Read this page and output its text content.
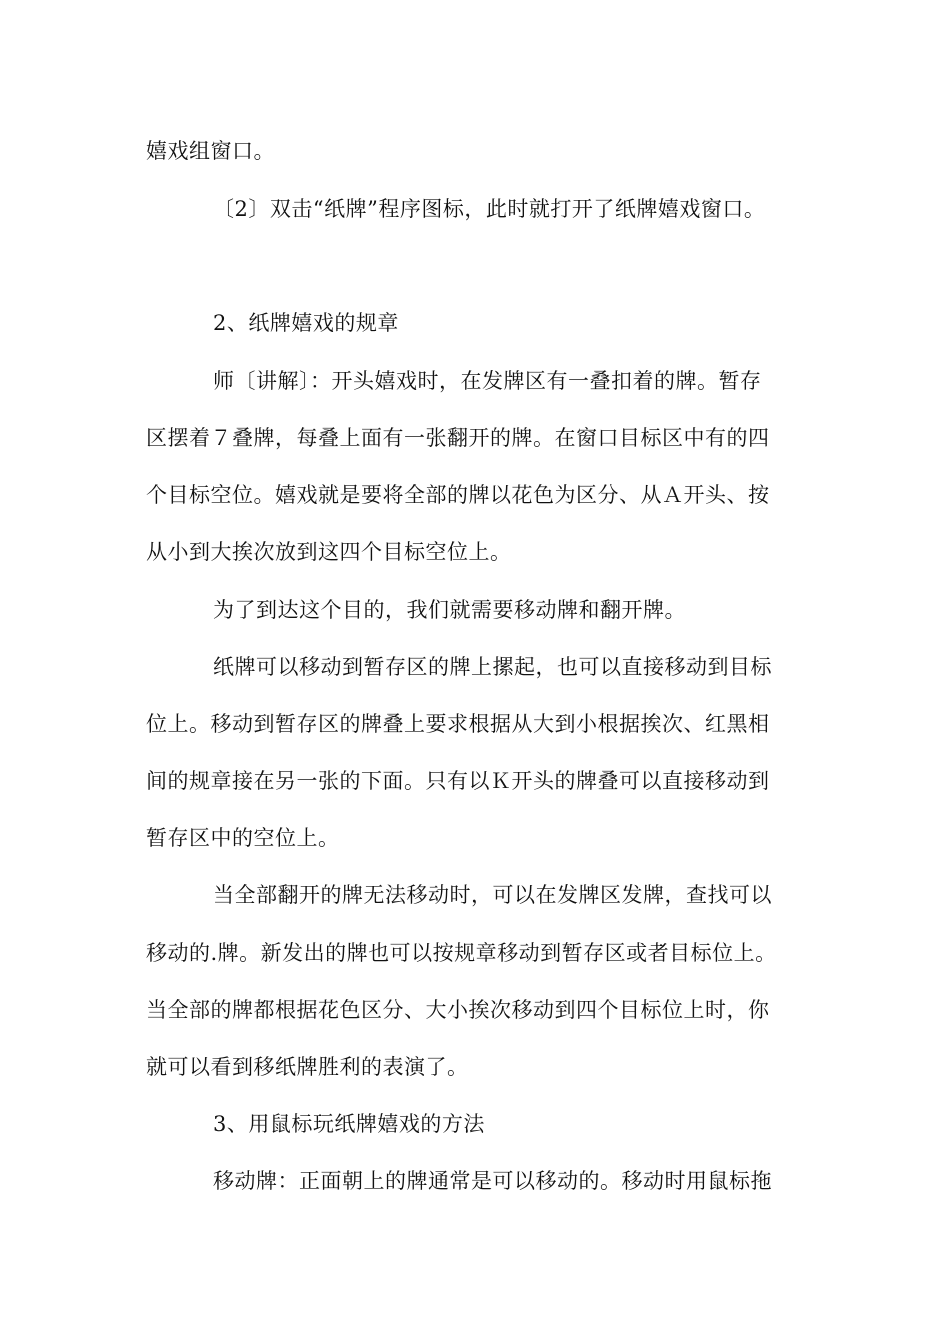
嬉戏组窗口。
〔2〕双击“纸牌”程序图标，此时就打开了纸牌嬉戏窗口。
2、纸牌嬉戏的规章
师〔讲解〕：开头嬉戏时，在发牌区有一叠扣着的牌。暂存
区摆着７叠牌，每叠上面有一张翻开的牌。在窗口目标区中有的四
个目标空位。嬉戏就是要将全部的牌以花色为区分、从Ａ开头、按
从小到大挨次放到这四个目标空位上。
为了到达这个目的，我们就需要移动牌和翻开牌。
纸牌可以移动到暂存区的牌上摞起，也可以直接移动到目标
位上。移动到暂存区的牌叠上要求根据从大到小根据挨次、红黑相
间的规章接在另一张的下面。只有以Ｋ开头的牌叠可以直接移动到
暂存区中的空位上。
当全部翻开的牌无法移动时，可以在发牌区发牌，查找可以
移动的.牌。新发出的牌也可以按规章移动到暂存区或者目标位上。
当全部的牌都根据花色区分、大小挨次移动到四个目标位上时，你
就可以看到移纸牌胜利的表演了。
3、用鼠标玩纸牌嬉戏的方法
移动牌：正面朝上的牌通常是可以移动的。移动时用鼠标拖
